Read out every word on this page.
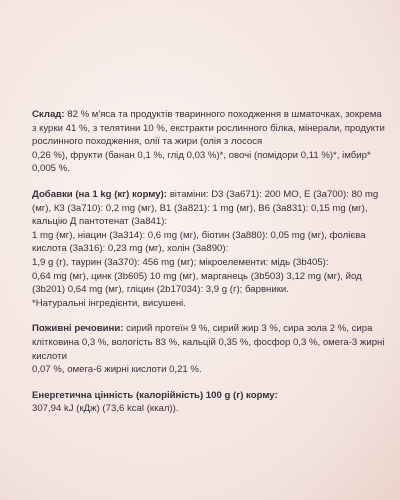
Склад: 82 % м'яса та продуктів тваринного походження в шматочках, зокрема з курки 41 %, з телятини 10 %, екстракти рослинного білка, мінерали, продукти рослинного походження, олії та жири (олія з лосося
0,26 %), фрукти (банан 0,1 %, глід 0,03 %)*, овочі (помідори 0,11 %)*, імбир* 0,005 %.

Добавки (на 1 kg (кг) корму): вітаміни: D3 (3а671): 200 МО, Е (3а700): 80 mg (мг), К3 (3а710): 0,2 mg (мг), В1 (3а821): 1 mg (мг), В6 (3а831): 0,15 mg (мг), кальцію Д пантотенат (3а841):
1 mg (мг), ніацин (3а314): 0,6 mg (мг), біотин (3а880): 0,05 mg (мг), фолієва кислота (3а316): 0,23 mg (мг), холін (3а890):
1,9 g (г), таурин (3а370): 456 mg (мг); мікроелементи: мідь (3b405):
0,64 mg (мг), цинк (3b605) 10 mg (мг), марганець (3b503) 3,12 mg (мг), йод (3b201) 0,64 mg (мг), гліцин (2b17034): 3,9 g (г); барвники.
*Натуральні інгредієнти, висушені.

Поживні речовини: сирий протеїн 9 %, сирий жир 3 %, сира зола 2 %, сира клітковина 0,3 %, вологість 83 %, кальцій 0,35 %, фосфор 0,3 %, омега-3 жирні кислоти
0,07 %, омега-6 жирні кислоти 0,21 %.

Енергетична цінність (калорійність) 100 g (г) корму:
307,94 kJ (кДж) (73,6 kcal (ккал)).
